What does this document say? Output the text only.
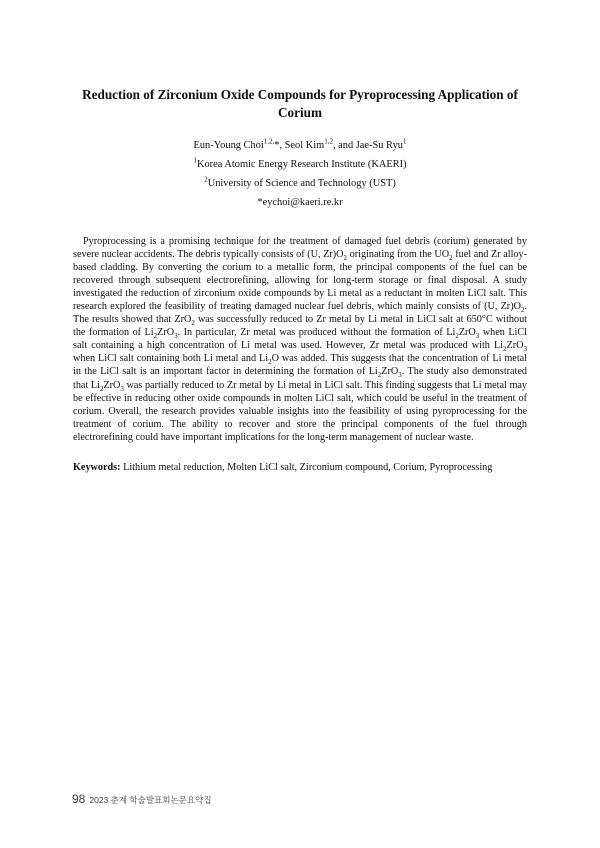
Reduction of Zirconium Oxide Compounds for Pyroprocessing Application of Corium
Eun-Young Choi$^{1,2,}$*, Seol Kim$^{1,2}$, and Jae-Su Ryu$^1$
$^1$Korea Atomic Energy Research Institute (KAERI)
$^2$University of Science and Technology (UST)
*eychoi@kaeri.re.kr
Pyroprocessing is a promising technique for the treatment of damaged fuel debris (corium) generated by severe nuclear accidents. The debris typically consists of (U, $Zr)O_2$ originating from the $UO_2$ fuel and Zr alloy-based cladding. By converting the corium to a metallic form, the principal components of the fuel can be recovered through subsequent electrorefining, allowing for long-term storage or final disposal. A study investigated the reduction of zirconium oxide compounds by Li metal as a reductant in molten LiCl salt. This research explored the feasibility of treating damaged nuclear fuel debris, which mainly consists of (U, $Zr)O_2$. The results showed that ZrO$_2$ was successfully reduced to Zr metal by Li metal in LiCl salt at 650°C without the formation of $Li_2ZrO_3$. In particular, Zr metal was produced without the formation of $Li_2ZrO_3$ when LiCl salt containing a high concentration of Li metal was used. However, Zr metal was produced with $Li_2ZrO_3$ when LiCl salt containing both Li metal and $Li_2O$ was added. This suggests that the concentration of Li metal in the LiCl salt is an important factor in determining the formation of $Li_2ZrO_3$. The study also demonstrated that $Li_2ZrO_3$ was partially reduced to Zr metal by Li metal in LiCl salt. This finding suggests that Li metal may be effective in reducing other oxide compounds in molten LiCl salt, which could be useful in the treatment of corium. Overall, the research provides valuable insights into the feasibility of using pyroprocessing for the treatment of corium. The ability to recover and store the principal components of the fuel through electrorefining could have important implications for the long-term management of nuclear waste.
Keywords: Lithium metal reduction, Molten LiCl salt, Zirconium compound, Corium, Pyroprocessing
98 2023 춘계 학술발표회논문요약집
